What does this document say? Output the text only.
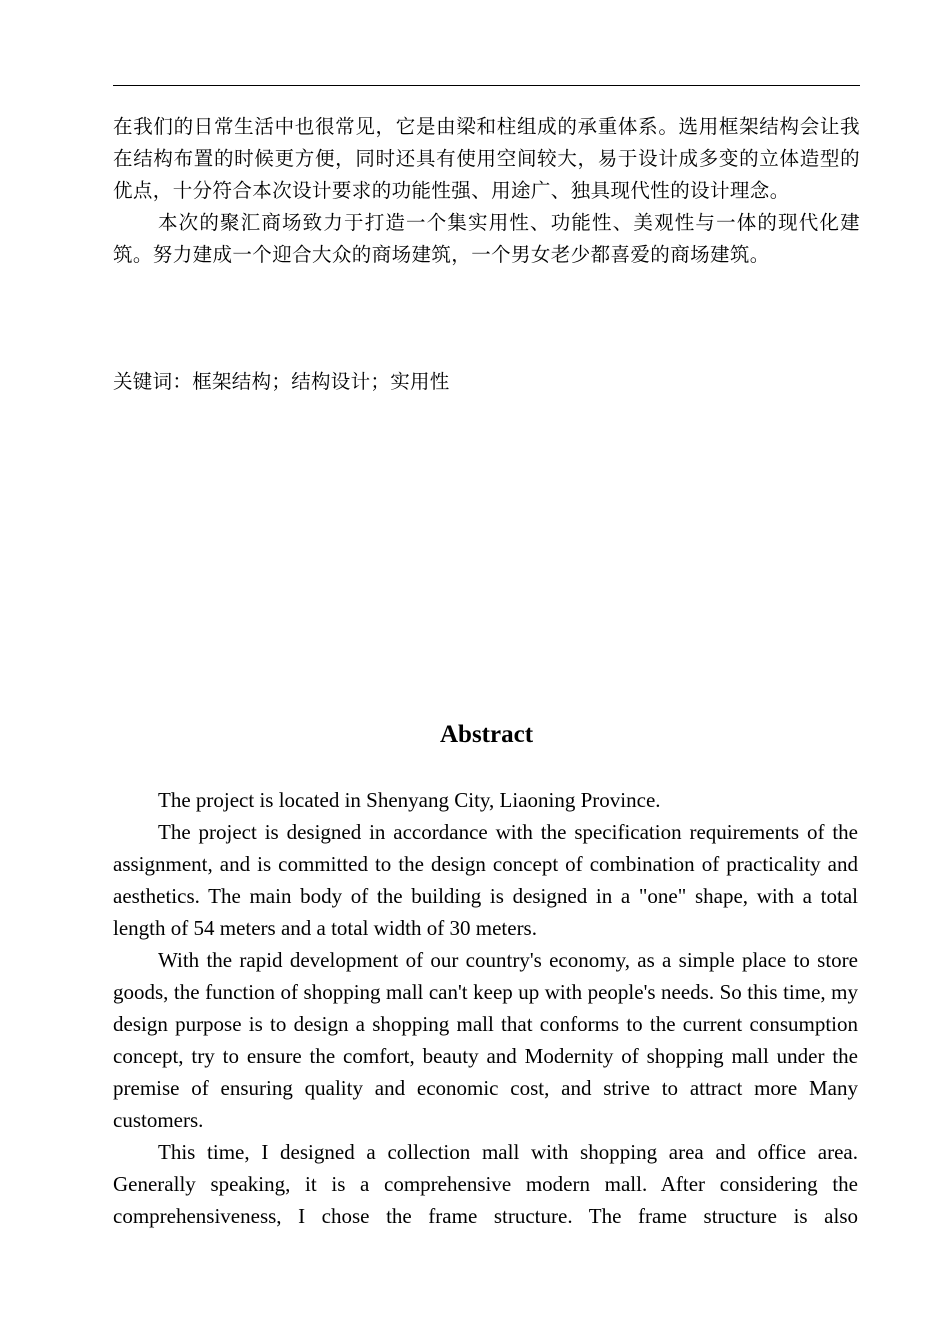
在我们的日常生活中也很常见，它是由梁和柱组成的承重体系。选用框架结构会让我在结构布置的时候更方便，同时还具有使用空间较大，易于设计成多变的立体造型的优点，十分符合本次设计要求的功能性强、用途广、独具现代性的设计理念。

本次的聚汇商场致力于打造一个集实用性、功能性、美观性与一体的现代化建筑。努力建成一个迎合大众的商场建筑，一个男女老少都喜爱的商场建筑。

关键词：框架结构；结构设计；实用性
Abstract

The project is located in Shenyang City, Liaoning Province.

The project is designed in accordance with the specification requirements of the assignment, and is committed to the design concept of combination of practicality and aesthetics. The main body of the building is designed in a "one" shape, with a total length of 54 meters and a total width of 30 meters.

With the rapid development of our country's economy, as a simple place to store goods, the function of shopping mall can't keep up with people's needs. So this time, my design purpose is to design a shopping mall that conforms to the current consumption concept, try to ensure the comfort, beauty and Modernity of shopping mall under the premise of ensuring quality and economic cost, and strive to attract more Many customers.

This time, I designed a collection mall with shopping area and office area. Generally speaking, it is a comprehensive modern mall. After considering the comprehensiveness, I chose the frame structure. The frame structure is also
